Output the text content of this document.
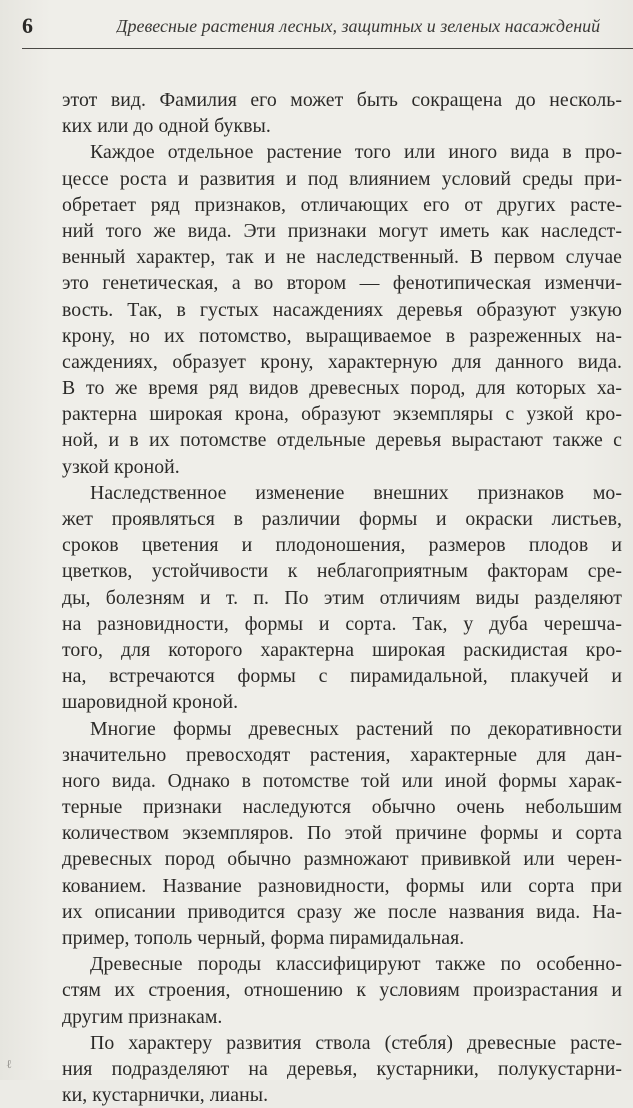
6	Древесные растения лесных, защитных и зеленых насаждений
этот вид. Фамилия его может быть сокращена до несколь-
ких или до одной буквы.
Каждое отдельное растение того или иного вида в про-
цессе роста и развития и под влиянием условий среды при-
обретает ряд признаков, отличающих его от других растe-
ний того же вида. Эти признаки могут иметь как наследст-
венный характер, так и не наследственный. В первом случае
это генетическая, а во втором — фенотипическая изменчи-
вость. Так, в густых насаждениях деревья образуют узкую
крону, но их потомство, выращиваемое в разреженных на-
саждениях, образует крону, характерную для данного вида.
В то же время ряд видов древесных пород, для которых ха-
рактерна широкая крона, образуют экземпляры с узкой кро-
ной, и в их потомстве отдельные деревья вырастают также с
узкой кроной.
Наследственное изменение внешних признаков мо-
жет проявляться в различии формы и окраски листьев,
сроков цветения и плодоношения, размеров плодов и
цветков, устойчивости к неблагоприятным факторам сре-
ды, болезням и т. п. По этим отличиям виды разделяют
на разновидности, формы и сорта. Так, у дуба черешча-
того, для которого характерна широкая раскидистая кро-
на, встречаются формы с пирамидальной, плакучей и
шаровидной кроной.
Многие формы древесных растений по декоративности
значительно превосходят растения, характерные для дан-
ного вида. Однако в потомстве той или иной формы харак-
терные признаки наследуются обычно очень небольшим
количеством экземпляров. По этой причине формы и сорта
древесных пород обычно размножают прививкой или черен-
кованием. Название разновидности, формы или сорта при
их описании приводится сразу же после названия вида. На-
пример, тополь черный, форма пирамидальная.
Древесные породы классифицируют также по особенно-
стям их строения, отношению к условиям произрастания и
другим признакам.
По характеру развития ствола (стебля) древесные расте-
ния подразделяют на деревья, кустарники, полукустарни-
ки, кустарнички, лианы.
ℓ
